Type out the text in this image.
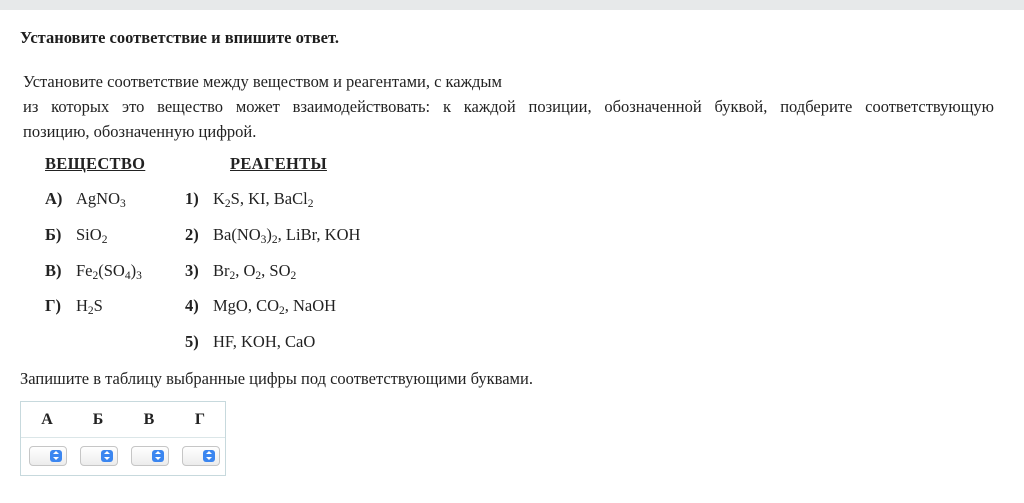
Установите соответствие и впишите ответ.
Установите соответствие между веществом и реагентами, с каждым
из которых это вещество может взаимодействовать: к каждой позиции, обозначенной буквой, подберите соответствующую
позицию, обозначенную цифрой.
ВЕЩЕСТВО	РЕАГЕНТЫ
А) AgNO$_3$
Б) SiO$_2$
В) $Fe_2(SO_4)_3$
Г) $H_2S$
1) $K_2S$, KI, BaCl$_2$
2) $Ba(NO_3)_2$, LiBr, KOH
3) $Br_2$, $O_2$, $SO_2$
4) MgO, $CO_2$, NaOH
5) HF, KOH, CaO
Запишите в таблицу выбранные цифры под соответствующими буквами.
А	Б	В	Г
